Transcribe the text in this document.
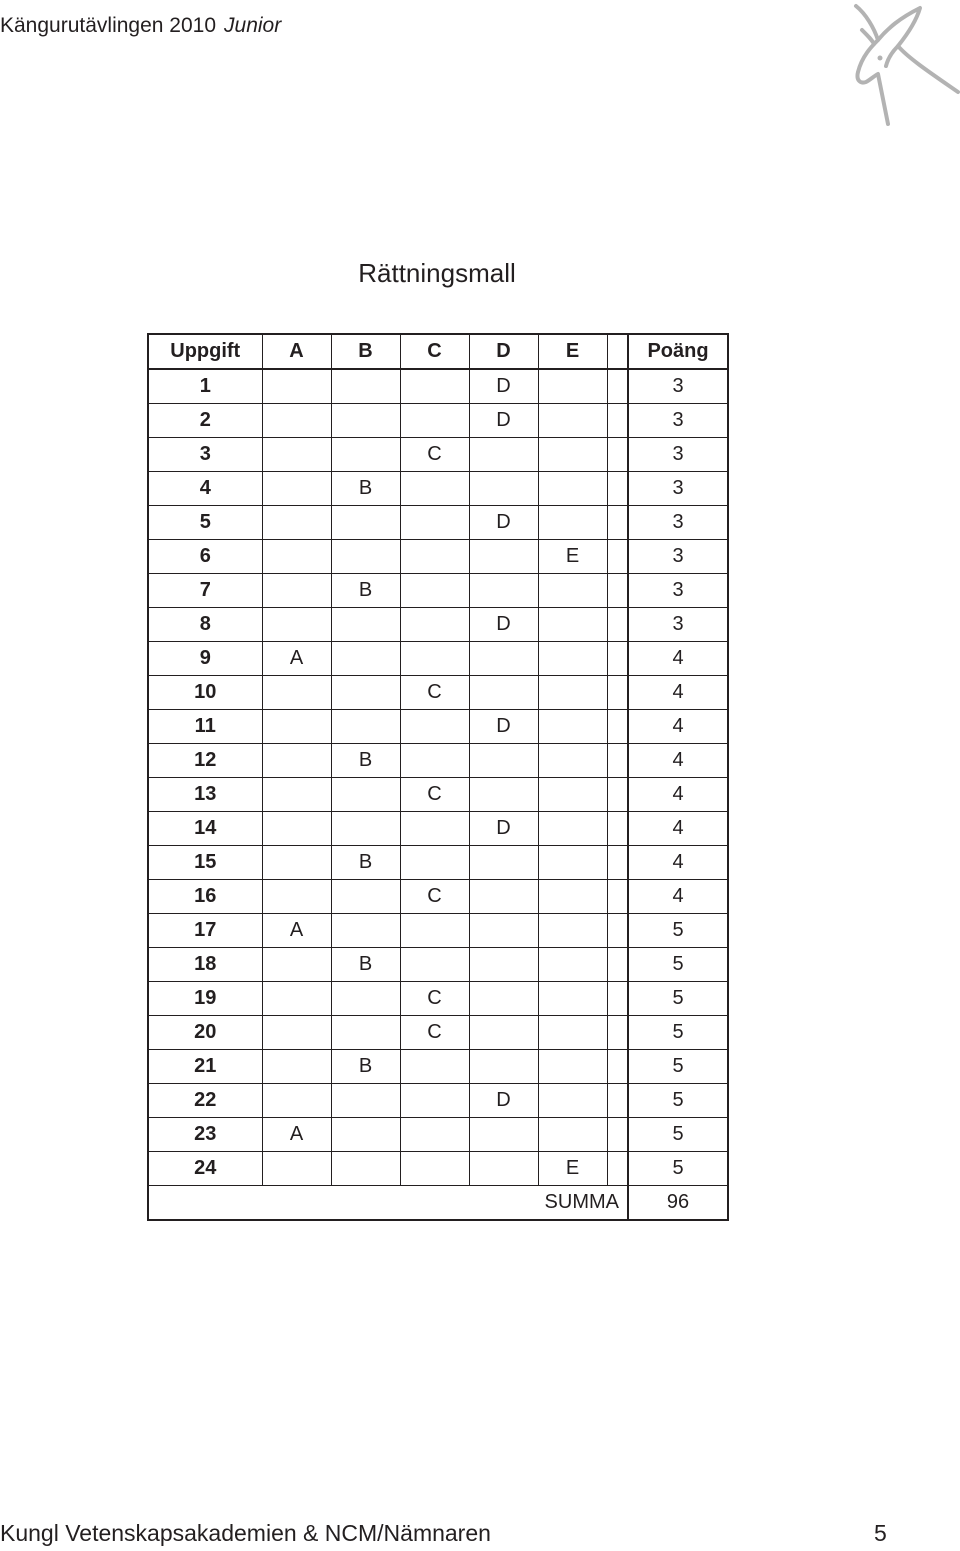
Kängurutävlingen 2010 Junior
Rättningsmall
Uppgift	A	B	C	D	E		Poäng
1				D			3
2				D			3
3			C				3
4		B					3
5				D			3
6					E		3
7		B					3
8				D			3
9	A						4
10			C				4
11				D			4
12		B					4
13			C				4
14				D			4
15		B					4
16			C				4
17	A						5
18		B					5
19			C				5
20			C				5
21		B					5
22				D			5
23	A						5
24					E		5
SUMMA							96
Kungl Vetenskapsakademien & NCM/Nämnaren	5
